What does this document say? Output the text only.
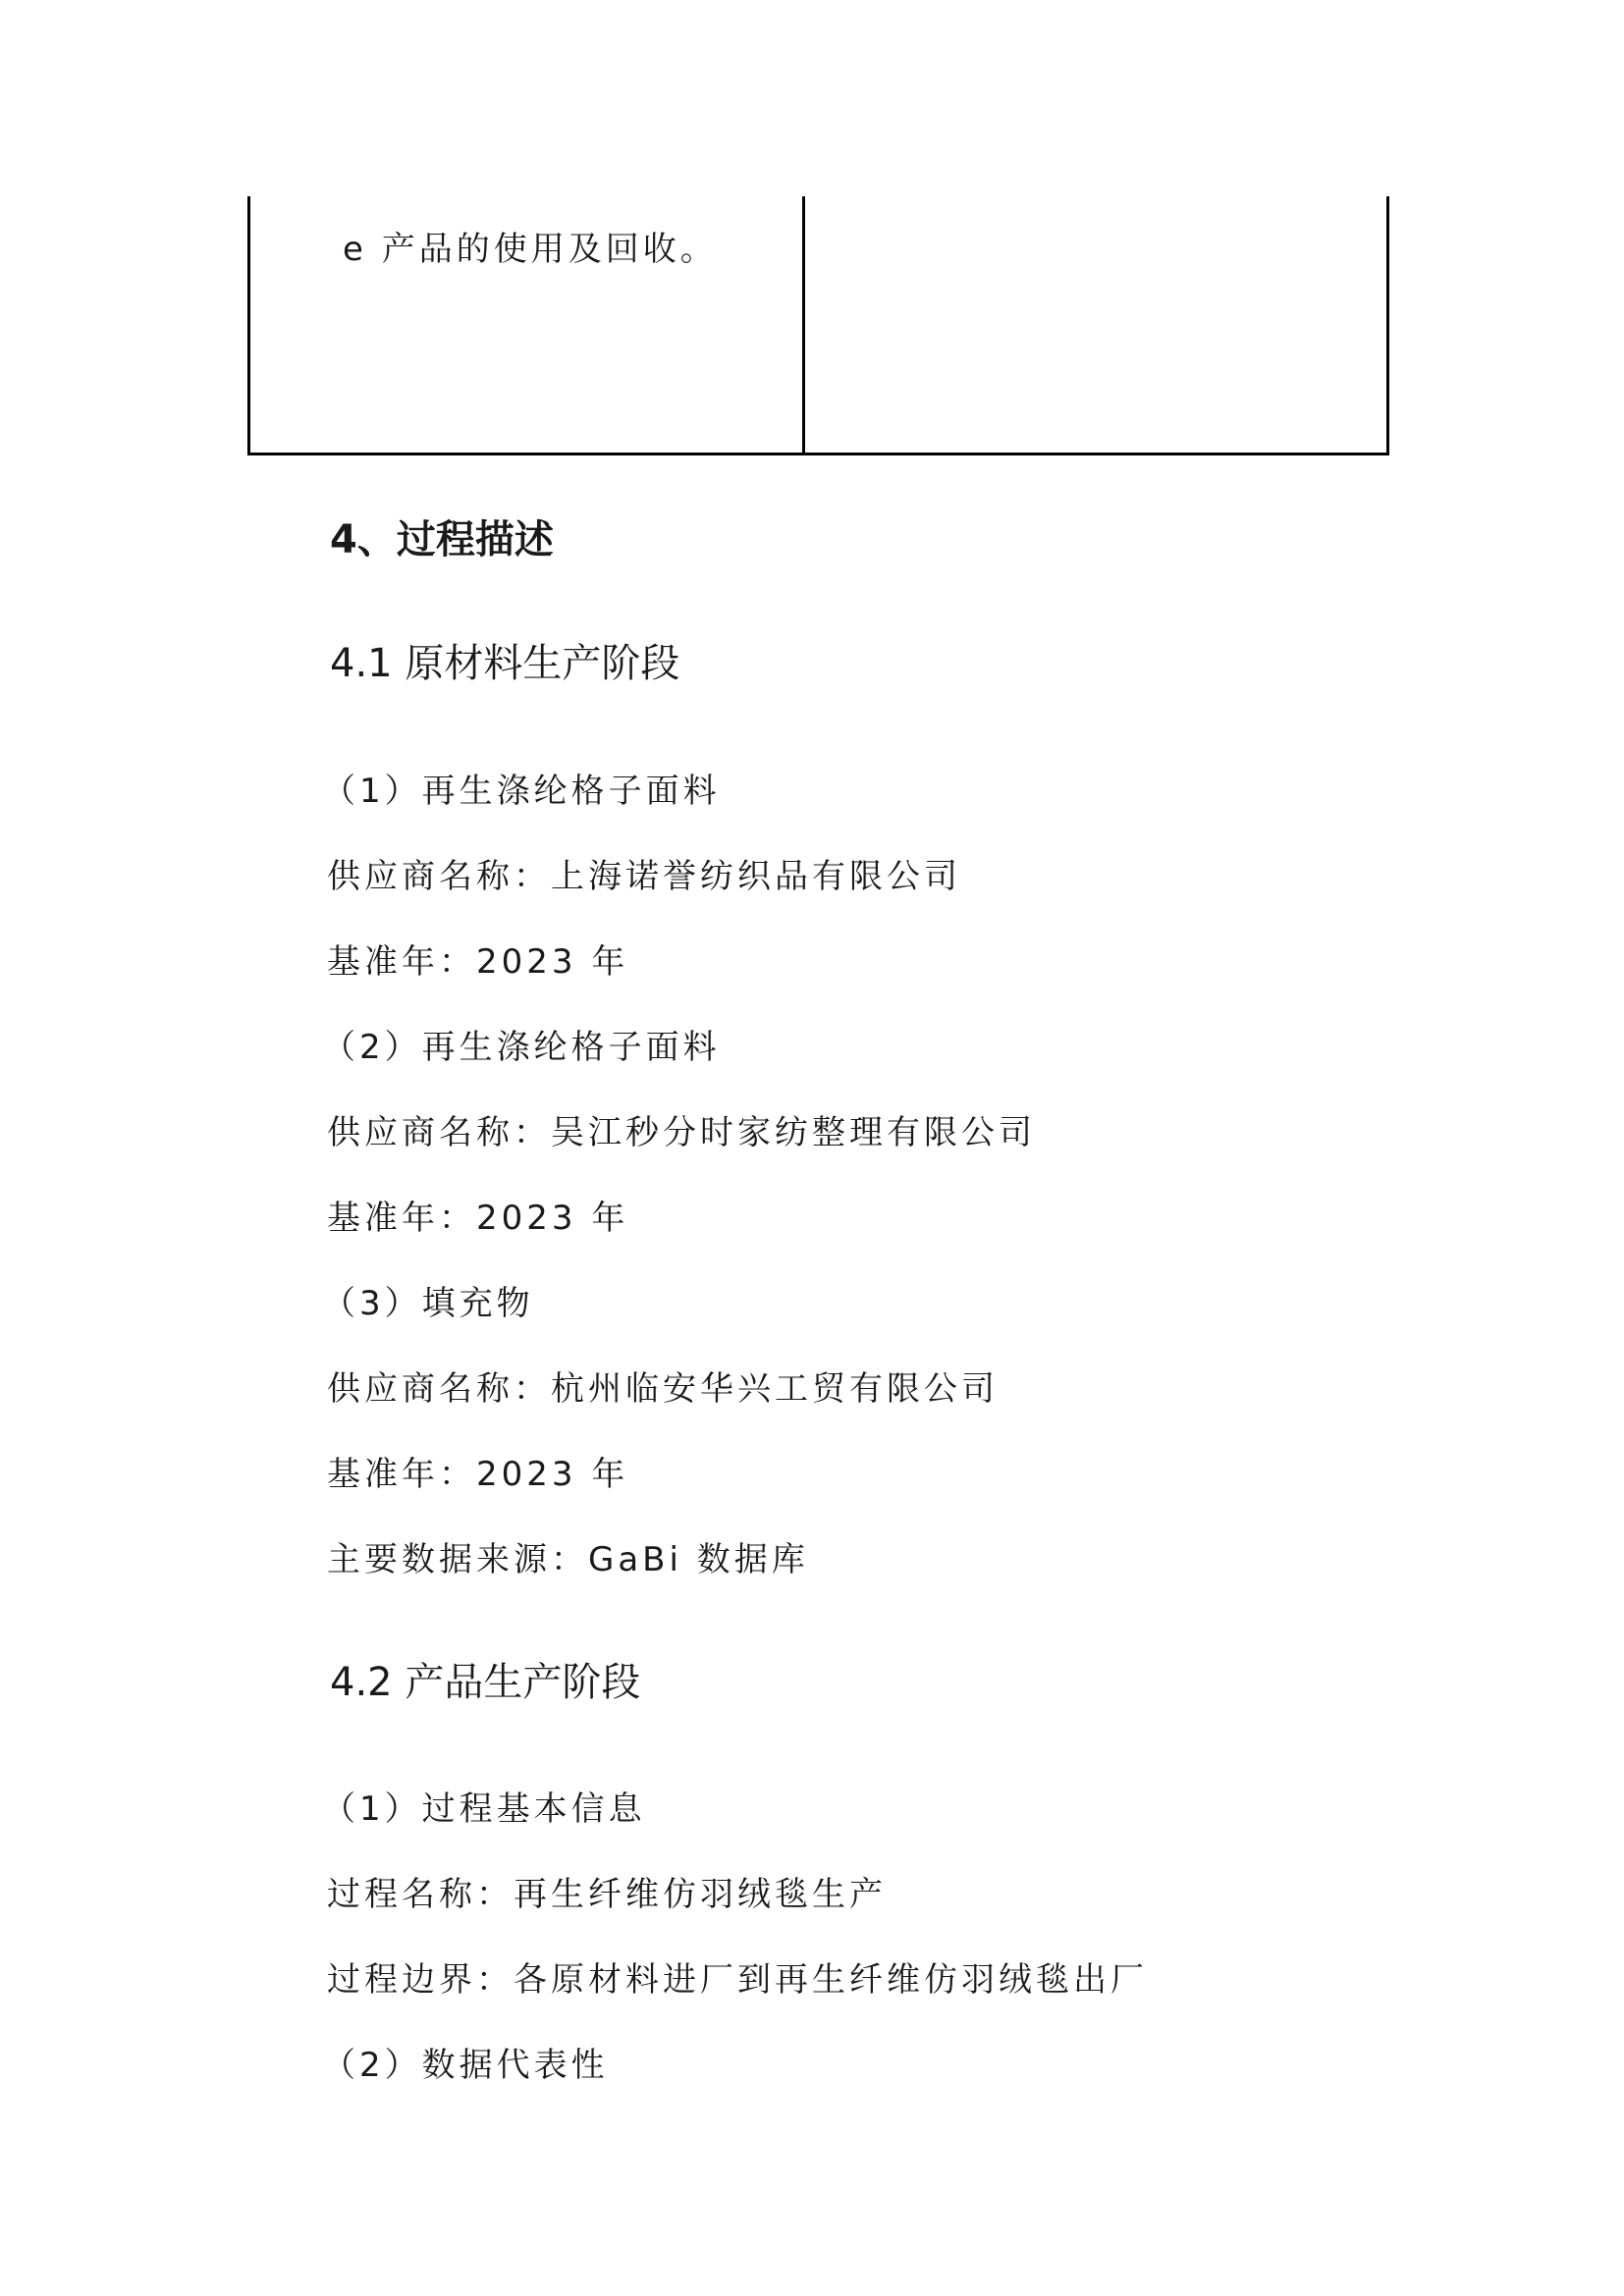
e 产品的使用及回收。
4、过程描述
4.1 原材料生产阶段
（1）再生涤纶格子面料
供应商名称：上海诺誉纺织品有限公司
基准年：2023 年
（2）再生涤纶格子面料
供应商名称：吴江秒分时家纺整理有限公司
基准年：2023 年
（3）填充物
供应商名称：杭州临安华兴工贸有限公司
基准年：2023 年
主要数据来源：GaBi 数据库
4.2 产品生产阶段
（1）过程基本信息
过程名称：再生纤维仿羽绒毯生产
过程边界：各原材料进厂到再生纤维仿羽绒毯出厂
（2）数据代表性
